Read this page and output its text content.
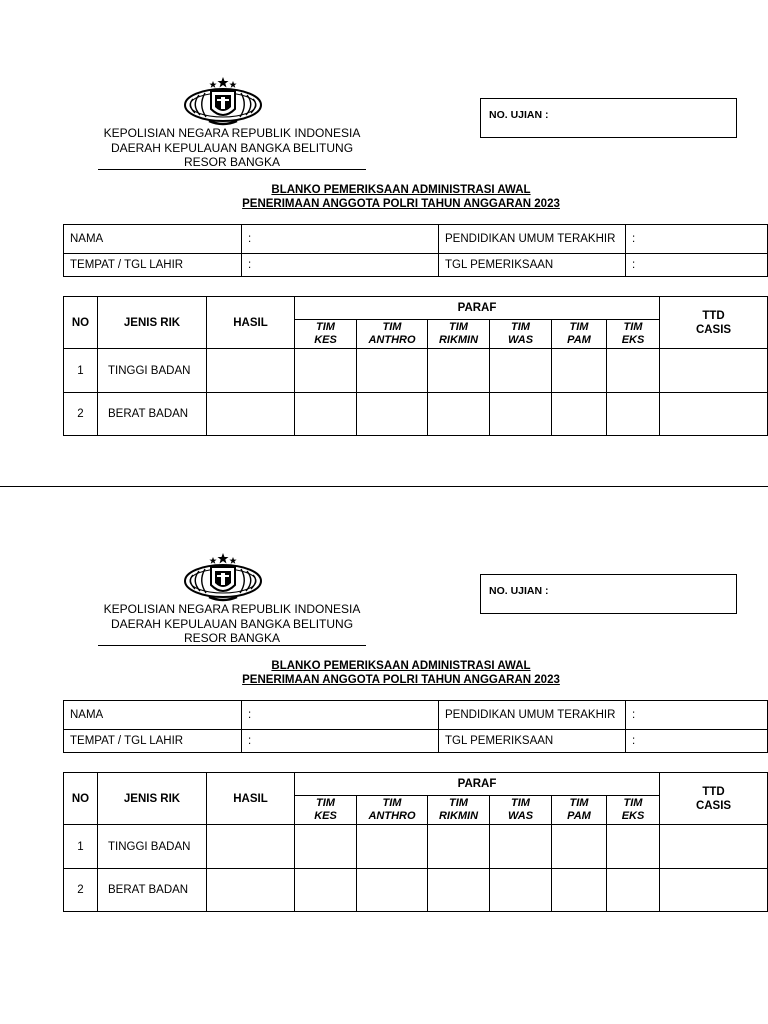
KEPOLISIAN NEGARA REPUBLIK INDONESIA
DAERAH KEPULAUAN BANGKA BELITUNG
RESOR BANGKA
NO. UJIAN :
BLANKO PEMERIKSAAN ADMINISTRASI AWAL
PENERIMAAN ANGGOTA POLRI TAHUN ANGGARAN 2023
NAMA	:	PENDIDIKAN UMUM TERAKHIR	:
TEMPAT / TGL LAHIR	:	TGL PEMERIKSAAN	:
NO	JENIS RIK	HASIL	PARAF						TTD CASIS
			TIM KES	TIM ANTHRO	TIM RIKMIN	TIM WAS	TIM PAM	TIM EKS	
1	TINGGI BADAN								
2	BERAT BADAN								
KEPOLISIAN NEGARA REPUBLIK INDONESIA
DAERAH KEPULAUAN BANGKA BELITUNG
RESOR BANGKA
NO. UJIAN :
BLANKO PEMERIKSAAN ADMINISTRASI AWAL
PENERIMAAN ANGGOTA POLRI TAHUN ANGGARAN 2023
NAMA	:	PENDIDIKAN UMUM TERAKHIR	:
TEMPAT / TGL LAHIR	:	TGL PEMERIKSAAN	:
NO	JENIS RIK	HASIL	PARAF						TTD CASIS
			TIM KES	TIM ANTHRO	TIM RIKMIN	TIM WAS	TIM PAM	TIM EKS	
1	TINGGI BADAN								
2	BERAT BADAN								
